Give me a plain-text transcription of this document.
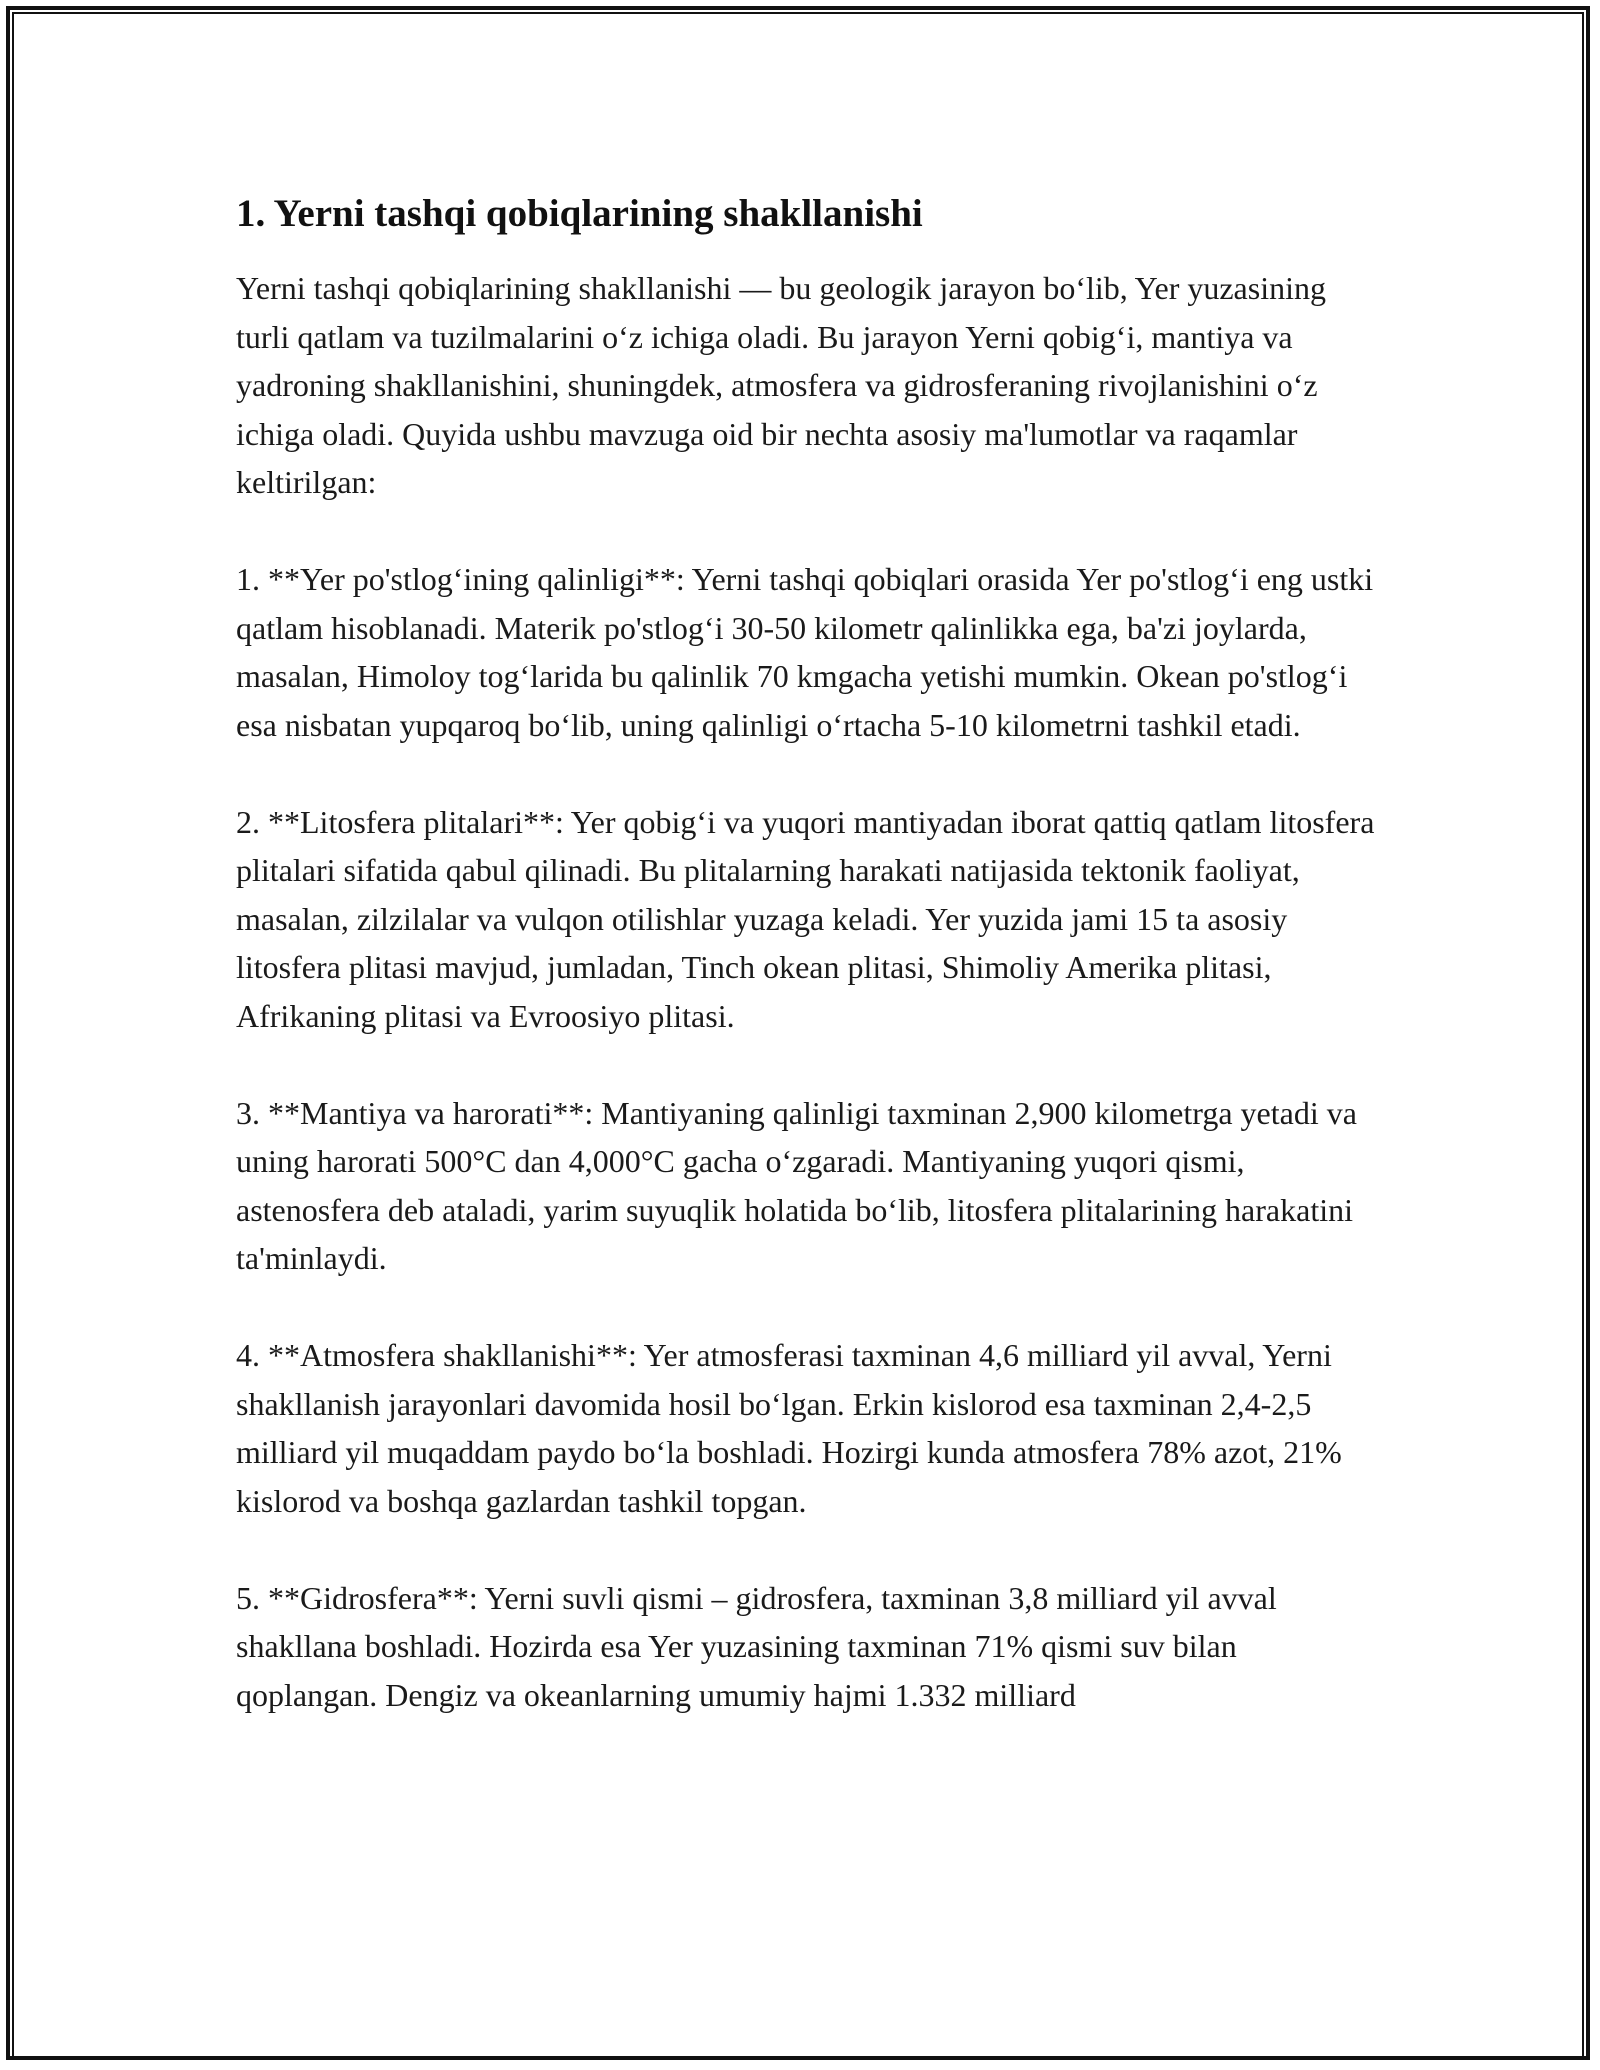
1. Yerni tashqi qobiqlarining shakllanishi

Yerni tashqi qobiqlarining shakllanishi — bu geologik jarayon bo‘lib, Yer yuzasining turli qatlam va tuzilmalarini o‘z ichiga oladi. Bu jarayon Yerni qobig‘i, mantiya va yadroning shakllanishini, shuningdek, atmosfera va gidrosferaning rivojlanishini o‘z ichiga oladi. Quyida ushbu mavzuga oid bir nechta asosiy ma'lumotlar va raqamlar keltirilgan:

1. **Yer po'stlog‘ining qalinligi**: Yerni tashqi qobiqlari orasida Yer po'stlog‘i eng ustki qatlam hisoblanadi. Materik po'stlog‘i 30-50 kilometr qalinlikka ega, ba'zi joylarda, masalan, Himoloy tog‘larida bu qalinlik 70 kmgacha yetishi mumkin. Okean po'stlog‘i esa nisbatan yupqaroq bo‘lib, uning qalinligi o‘rtacha 5-10 kilometrni tashkil etadi.

2. **Litosfera plitalari**: Yer qobig‘i va yuqori mantiyadan iborat qattiq qatlam litosfera plitalari sifatida qabul qilinadi. Bu plitalarning harakati natijasida tektonik faoliyat, masalan, zilzilalar va vulqon otilishlar yuzaga keladi. Yer yuzida jami 15 ta asosiy litosfera plitasi mavjud, jumladan, Tinch okean plitasi, Shimoliy Amerika plitasi, Afrikaning plitasi va Evroosiyo plitasi.

3. **Mantiya va harorati**: Mantiyaning qalinligi taxminan 2,900 kilometrga yetadi va uning harorati 500°C dan 4,000°C gacha o‘zgaradi. Mantiyaning yuqori qismi, astenosfera deb ataladi, yarim suyuqlik holatida bo‘lib, litosfera plitalarining harakatini ta'minlaydi.

4. **Atmosfera shakllanishi**: Yer atmosferasi taxminan 4,6 milliard yil avval, Yerni shakllanish jarayonlari davomida hosil bo‘lgan. Erkin kislorod esa taxminan 2,4-2,5 milliard yil muqaddam paydo bo‘la boshladi. Hozirgi kunda atmosfera 78% azot, 21% kislorod va boshqa gazlardan tashkil topgan.

5. **Gidrosfera**: Yerni suvli qismi – gidrosfera, taxminan 3,8 milliard yil avval shakllana boshladi. Hozirda esa Yer yuzasining taxminan 71% qismi suv bilan qoplangan. Dengiz va okeanlarning umumiy hajmi 1.332 milliard
